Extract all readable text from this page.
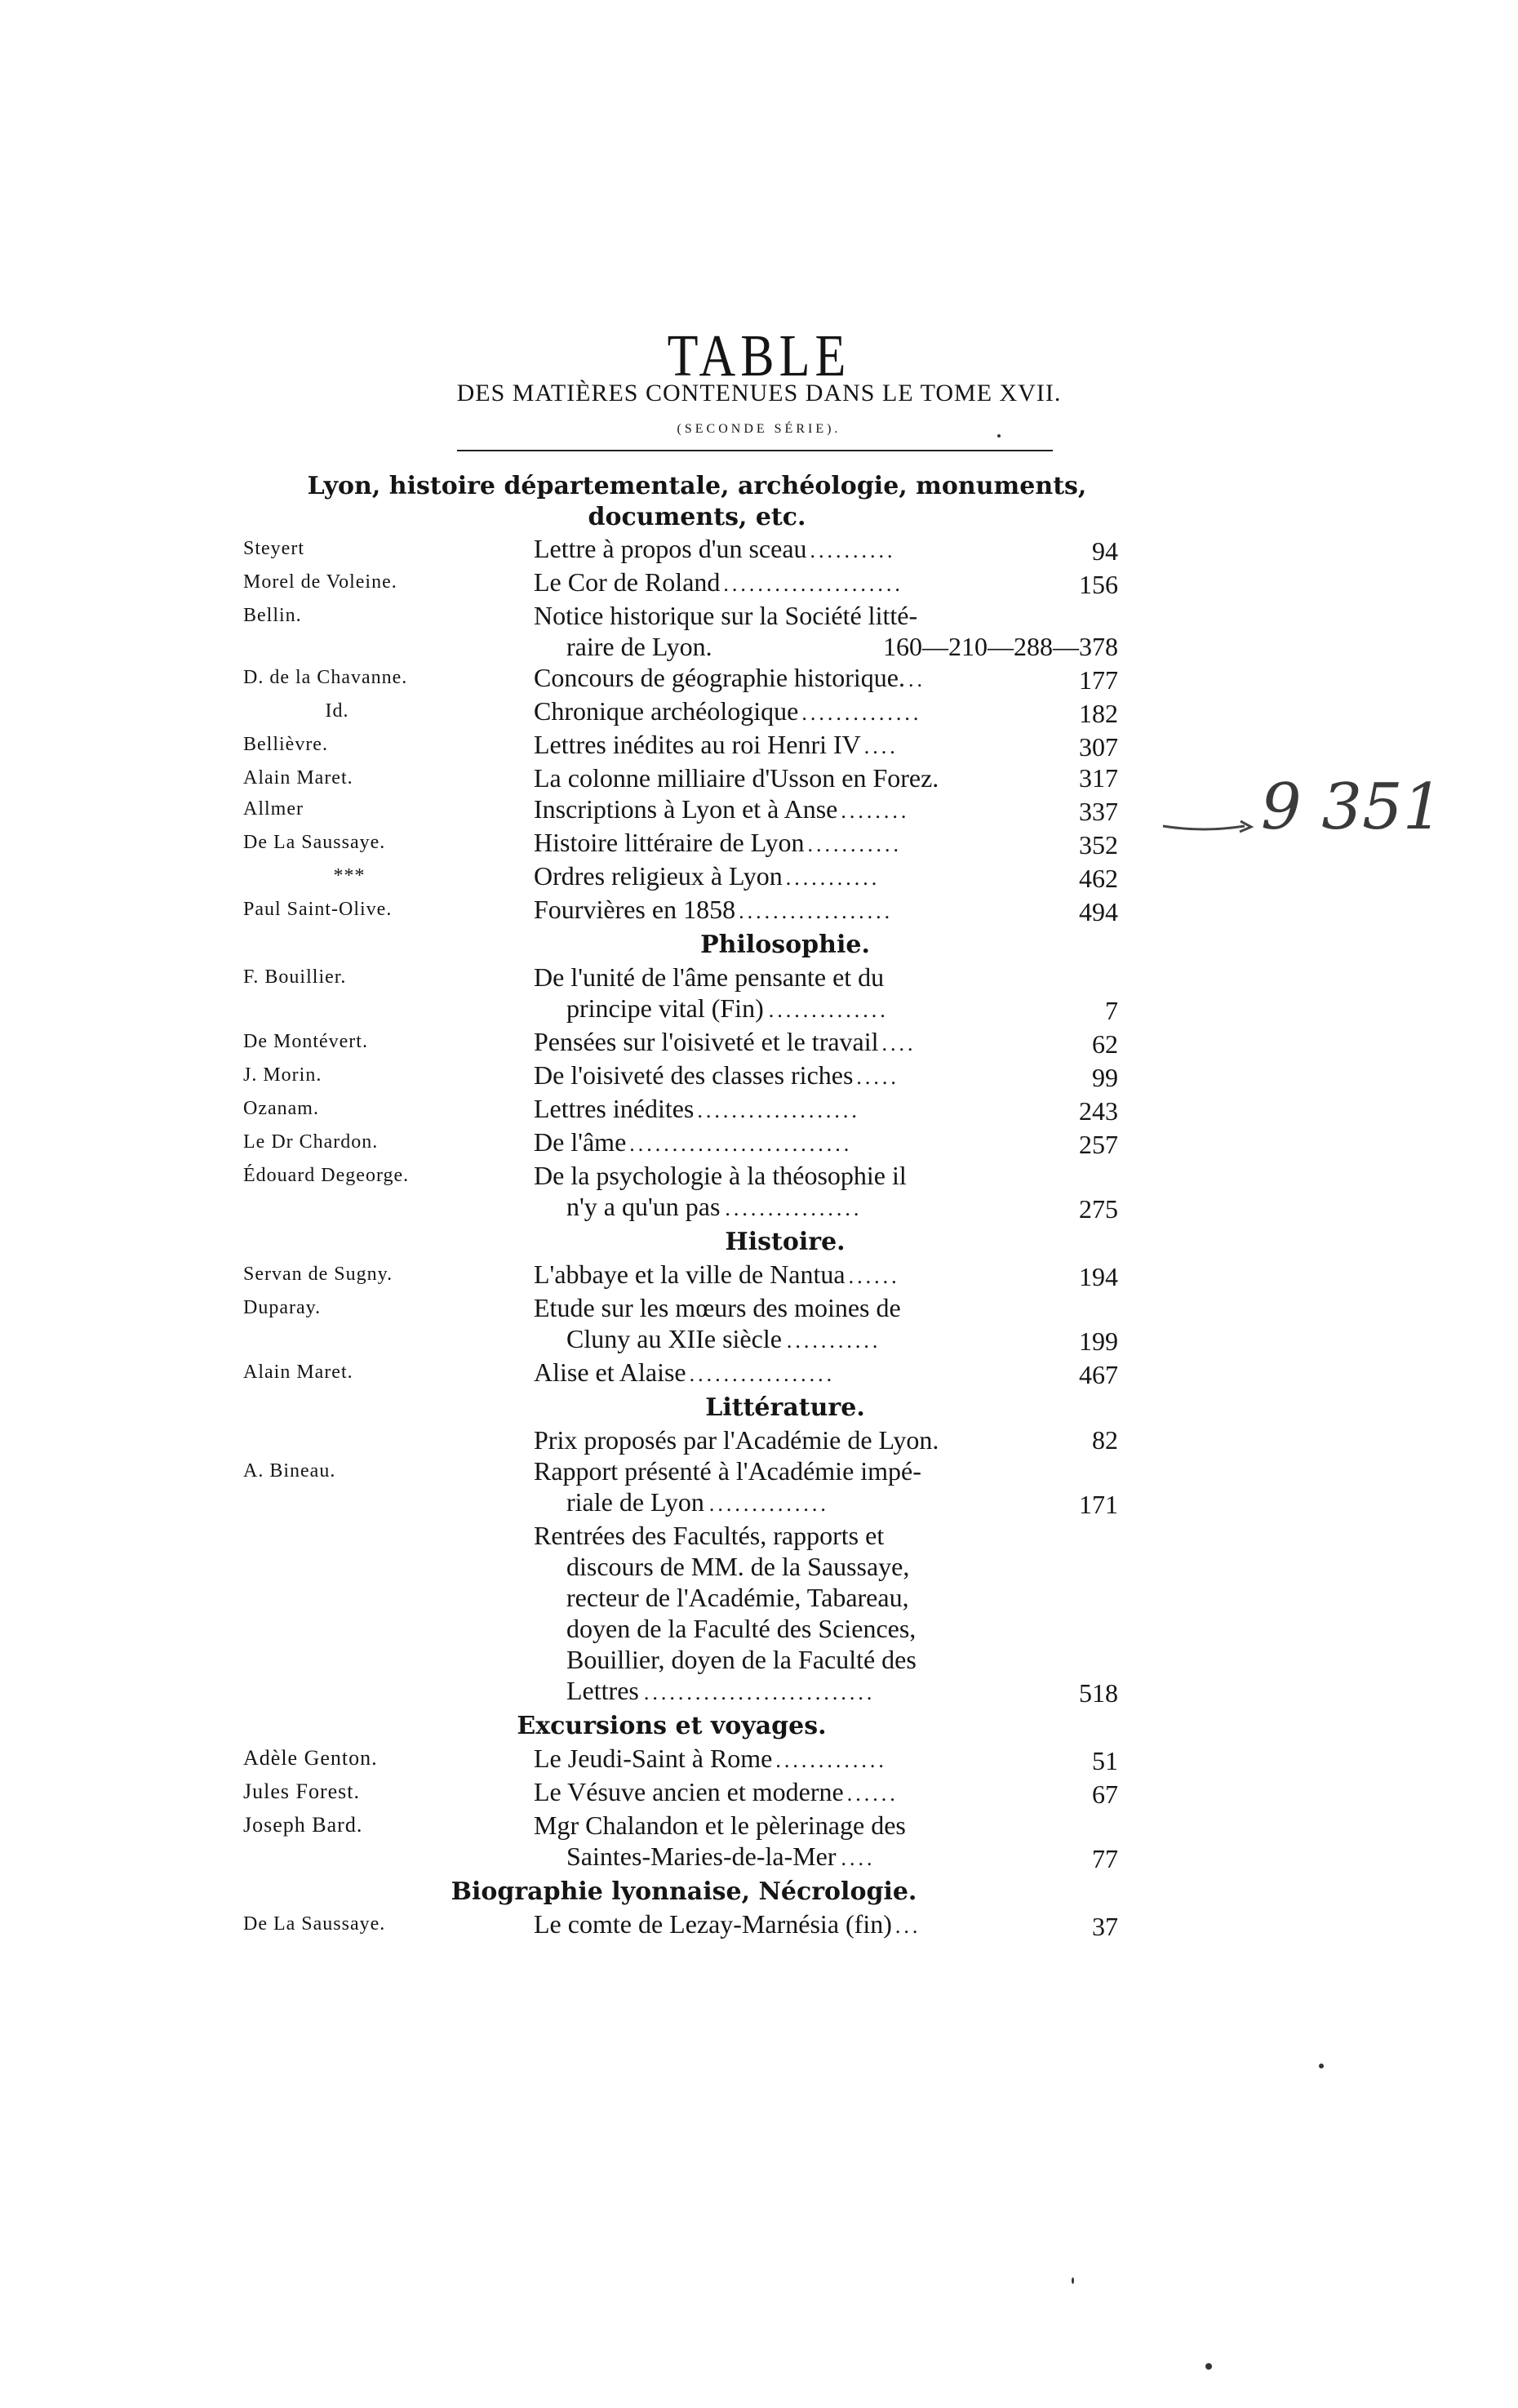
TABLE
DES MATIÈRES CONTENUES DANS LE TOME XVII.
(SECONDE SÉRIE).
Lyon, histoire départementale, archéologie, monuments, documents, etc.
Steyert	Lettre à propos d'un sceau ..........	94
Morel de Voleine.	Le Cor de Roland .....................	156
Bellin.	Notice historique sur la Société litté-
raire de Lyon.	160—210—288—378
D. de la Chavanne.	Concours de géographie historique. ..	177
Id.	Chronique archéologique ..............	182
Bellièvre.	Lettres inédites au roi Henri IV ....	307
Alain Maret.	La colonne milliaire d'Usson en Forez.	317
Allmer	Inscriptions à Lyon et à Anse ........	337
De La Saussaye.	Histoire littéraire de Lyon ...........	352
***	Ordres religieux à Lyon ...........	462
Paul Saint-Olive.	Fourvières en 1858 ..................	494
Philosophie.
F. Bouillier.	De l'unité de l'âme pensante et du
principe vital (Fin) ..............	7
De Montévert.	Pensées sur l'oisiveté et le travail ....	62
J. Morin.	De l'oisiveté des classes riches .....	99
Ozanam.	Lettres inédites ...................	243
Le Dr Chardon.	De l'âme ..........................	257
Édouard Degeorge.	De la psychologie à la théosophie il
n'y a qu'un pas ................	275
Histoire.
Servan de Sugny.	L'abbaye et la ville de Nantua ......	194
Duparay.	Etude sur les mœurs des moines de
Cluny au XIIe siècle ...........	199
Alain Maret.	Alise et Alaise .................	467
Littérature.
Prix proposés par l'Académie de Lyon.	82
A. Bineau.	Rapport présenté à l'Académie impé-
riale de Lyon ..............	171
Rentrées des Facultés, rapports et
discours de MM. de la Saussaye,
recteur de l'Académie, Tabareau,
doyen de la Faculté des Sciences,
Bouillier, doyen de la Faculté des
Lettres ...........................	518
Excursions et voyages.
Adèle Genton.	Le Jeudi-Saint à Rome .............	51
Jules Forest.	Le Vésuve ancien et moderne ......	67
Joseph Bard.	Mgr Chalandon et le pèlerinage des
Saintes-Maries-de-la-Mer ....	77
Biographie lyonnaise, Nécrologie.
De La Saussaye.	Le comte de Lezay-Marnésia (fin) ...	37
9 351
